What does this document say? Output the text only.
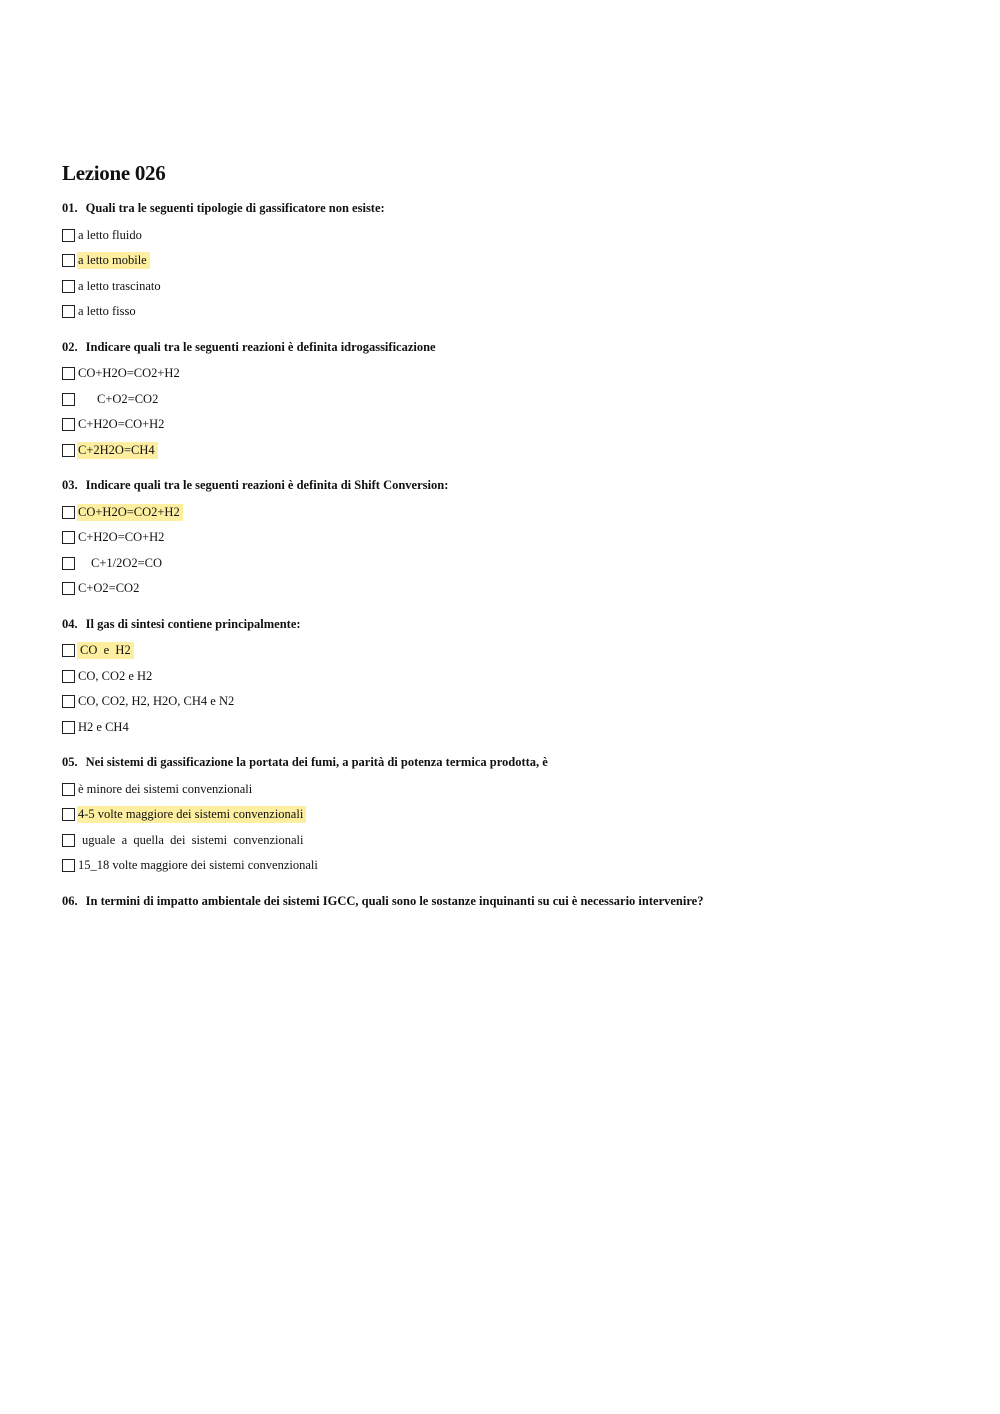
Lezione 026

01. Quali tra le seguenti tipologie di gassificatore non esiste:

a letto fluido
a letto mobile
a letto trascinato
a letto fisso

02. Indicare quali tra le seguenti reazioni è definita idrogassificazione

CO+H2O=CO2+H2
C+O2=CO2
C+H2O=CO+H2
C+2H2O=CH4

03. Indicare quali tra le seguenti reazioni è definita di Shift Conversion:

CO+H2O=CO2+H2
C+H2O=CO+H2
C+1/2O2=CO
C+O2=CO2

04. Il gas di sintesi contiene principalmente:

CO  e  H2
CO, CO2 e H2
CO, CO2, H2, H2O, CH4 e N2
H2 e CH4

05. Nei sistemi di gassificazione la portata dei fumi, a parità di potenza termica prodotta, è

è minore dei sistemi convenzionali
4-5 volte maggiore dei sistemi convenzionali
uguale  a  quella  dei  sistemi  convenzionali
15_18 volte maggiore dei sistemi convenzionali

06. In termini di impatto ambientale dei sistemi IGCC, quali sono le sostanze inquinanti su cui è necessario intervenire?
